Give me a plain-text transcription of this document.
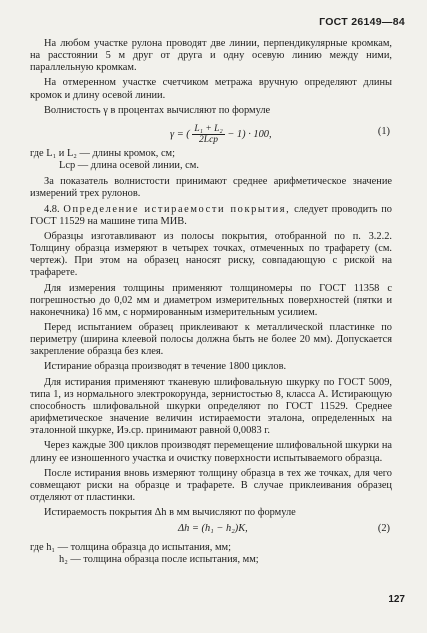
ГОСТ 26149—84

На любом участке рулона проводят две линии, перпендикулярные кромкам, на расстоянии 5 м друг от друга и одну осевую линию между ними, параллельную кромкам.

На отмеренном участке счетчиком метража вручную определяют длины кромок и длину осевой линии.

Волнистость γ в процентах вычисляют по формуле

γ = ( $\frac{\text{L₁ + L₂}}{\text{2Lср}} - 1) \cdot 100$,	(1)

где L₁ и L₂ — длины кромок, см;

Lср — длина осевой линии, см.

За показатель волнистости принимают среднее арифметическое значение измерений трех рулонов.

4.8. Определение истираемости покрытия, следует проводить по ГОСТ 11529 на машине типа МИВ.

Образцы изготавливают из полосы покрытия, отобранной по п. 3.2.2. Толщину образца измеряют в четырех точках, отмеченных по трафарету (см. чертеж). При этом на образец наносят риску, совпадающую с риской на трафарете.

Для измерения толщины применяют толщиномеры по ГОСТ 11358 с погрешностью до 0,02 мм и диаметром измерительных поверхностей (пятки и наконечника) 16 мм, с нормированным измерительным усилием.

Перед испытанием образец приклеивают к металлической пластинке по периметру (ширина клеевой полосы должна быть не более 20 мм). Допускается закрепление образца без клея.

Истирание образца производят в течение 1800 циклов.

Для истирания применяют тканевую шлифовальную шкурку по ГОСТ 5009, типа 1, из нормального электрокорунда, зернистостью 8, класса А. Истирающую способность шлифовальной шкурки определяют по ГОСТ 11529. Среднее арифметическое значение величин истираемости эталона, определенных на эталонной шкурке, Иэ.ср. принимают равной 0,0083 г.

Через каждые 300 циклов производят перемещение шлифовальной шкурки на длину ее изношенного участка и очистку поверхности испытываемого образца.

После истирания вновь измеряют толщину образца в тех же точках, для чего совмещают риски на образце и трафарете. В случае приклеивания образец отделяют от пластинки.

Истираемость покрытия Δh в мм вычисляют по формуле

Δh = (h₁ − h₂)K,	(2)

где h₁ — толщина образца до испытания, мм;

h₂ — толщина образца после испытания, мм;

127
